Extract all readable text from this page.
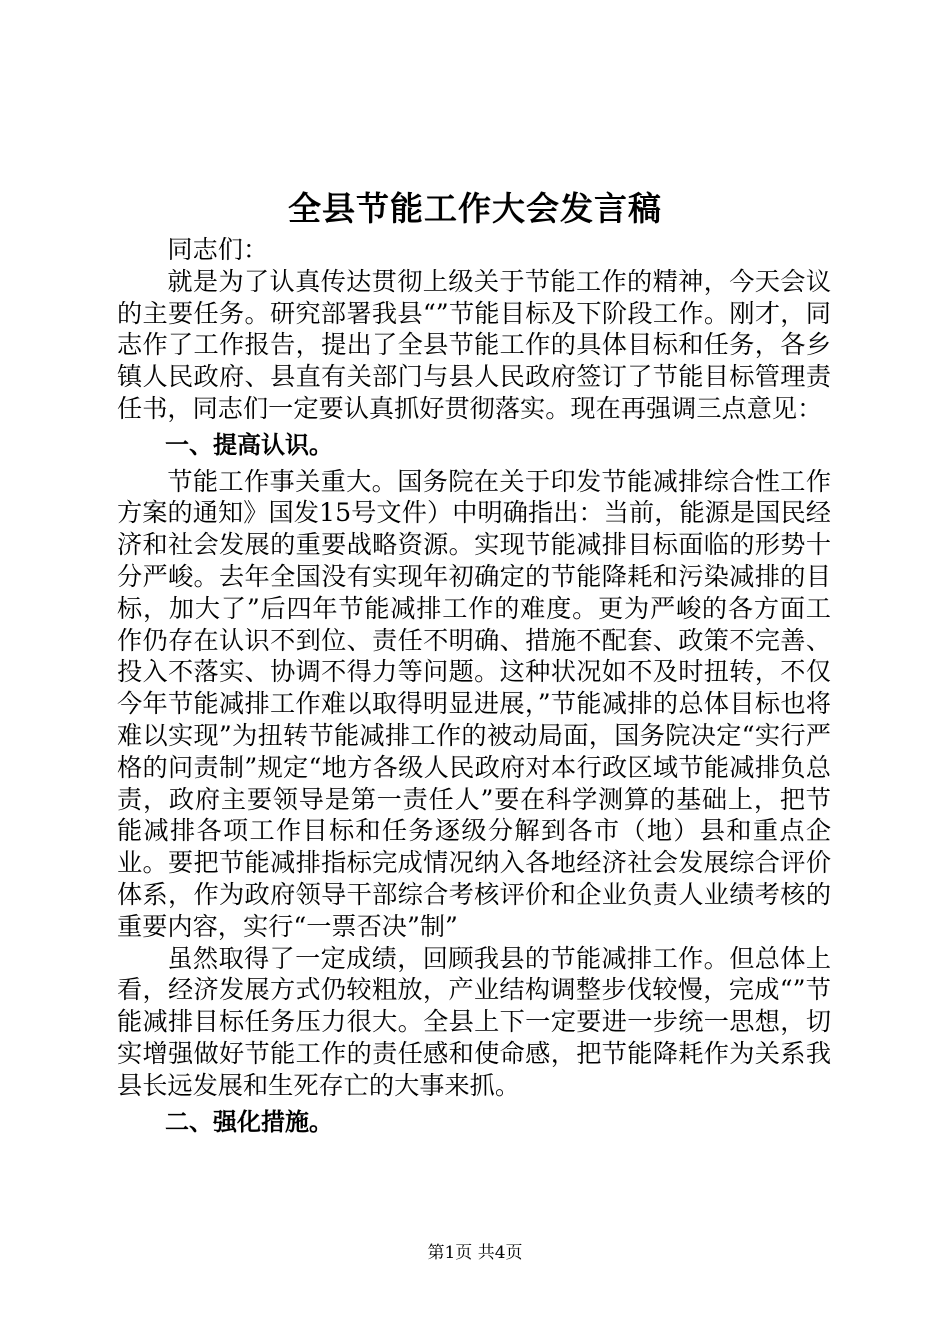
全县节能工作大会发言稿

同志们：

就是为了认真传达贯彻上级关于节能工作的精神，今天会议的主要任务。研究部署我县“”节能目标及下阶段工作。刚才，同志作了工作报告，提出了全县节能工作的具体目标和任务，各乡镇人民政府、县直有关部门与县人民政府签订了节能目标管理责任书，同志们一定要认真抓好贯彻落实。现在再强调三点意见：

一、提高认识。

节能工作事关重大。国务院在关于印发节能减排综合性工作方案的通知》国发15号文件）中明确指出：当前，能源是国民经济和社会发展的重要战略资源。实现节能减排目标面临的形势十分严峻。去年全国没有实现年初确定的节能降耗和污染减排的目标，加大了”后四年节能减排工作的难度。更为严峻的各方面工作仍存在认识不到位、责任不明确、措施不配套、政策不完善、投入不落实、协调不得力等问题。这种状况如不及时扭转，不仅今年节能减排工作难以取得明显进展，”节能减排的总体目标也将难以实现”为扭转节能减排工作的被动局面，国务院决定“实行严格的问责制”规定“地方各级人民政府对本行政区域节能减排负总责，政府主要领导是第一责任人”要在科学测算的基础上，把节能减排各项工作目标和任务逐级分解到各市（地）县和重点企业。要把节能减排指标完成情况纳入各地经济社会发展综合评价体系，作为政府领导干部综合考核评价和企业负责人业绩考核的重要内容，实行“一票否决”制”

虽然取得了一定成绩，回顾我县的节能减排工作。但总体上看，经济发展方式仍较粗放，产业结构调整步伐较慢，完成“”节能减排目标任务压力很大。全县上下一定要进一步统一思想，切实增强做好节能工作的责任感和使命感，把节能降耗作为关系我县长远发展和生死存亡的大事来抓。

二、强化措施。

第1页 共4页
